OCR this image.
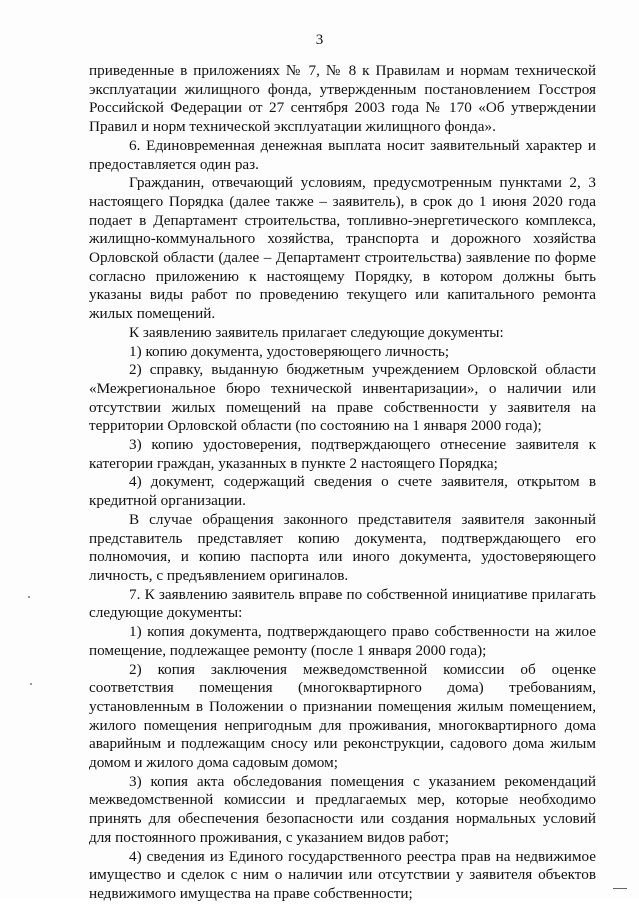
3

приведенные в приложениях № 7, № 8 к Правилам и нормам технической эксплуатации жилищного фонда, утвержденным постановлением Госстроя Российской Федерации от 27 сентября 2003 года № 170 «Об утверждении Правил и норм технической эксплуатации жилищного фонда».

6. Единовременная денежная выплата носит заявительный характер и предоставляется один раз.

Гражданин, отвечающий условиям, предусмотренным пунктами 2, 3 настоящего Порядка (далее также – заявитель), в срок до 1 июня 2020 года подает в Департамент строительства, топливно-энергетического комплекса, жилищно-коммунального хозяйства, транспорта и дорожного хозяйства Орловской области (далее – Департамент строительства) заявление по форме согласно приложению к настоящему Порядку, в котором должны быть указаны виды работ по проведению текущего или капитального ремонта жилых помещений.

К заявлению заявитель прилагает следующие документы:

1) копию документа, удостоверяющего личность;

2) справку, выданную бюджетным учреждением Орловской области «Межрегиональное бюро технической инвентаризации», о наличии или отсутствии жилых помещений на праве собственности у заявителя на территории Орловской области (по состоянию на 1 января 2000 года);

3) копию удостоверения, подтверждающего отнесение заявителя к категории граждан, указанных в пункте 2 настоящего Порядка;

4) документ, содержащий сведения о счете заявителя, открытом в кредитной организации.

В случае обращения законного представителя заявителя законный представитель представляет копию документа, подтверждающего его полномочия, и копию паспорта или иного документа, удостоверяющего личность, с предъявлением оригиналов.

7. К заявлению заявитель вправе по собственной инициативе прилагать следующие документы:

1) копия документа, подтверждающего право собственности на жилое помещение, подлежащее ремонту (после 1 января 2000 года);

2) копия заключения межведомственной комиссии об оценке соответствия помещения (многоквартирного дома) требованиям, установленным в Положении о признании помещения жилым помещением, жилого помещения непригодным для проживания, многоквартирного дома аварийным и подлежащим сносу или реконструкции, садового дома жилым домом и жилого дома садовым домом;

3) копия акта обследования помещения с указанием рекомендаций межведомственной комиссии и предлагаемых мер, которые необходимо принять для обеспечения безопасности или создания нормальных условий для постоянного проживания, с указанием видов работ;

4) сведения из Единого государственного реестра прав на недвижимое имущество и сделок с ним о наличии или отсутствии у заявителя объектов недвижимого имущества на праве собственности;
